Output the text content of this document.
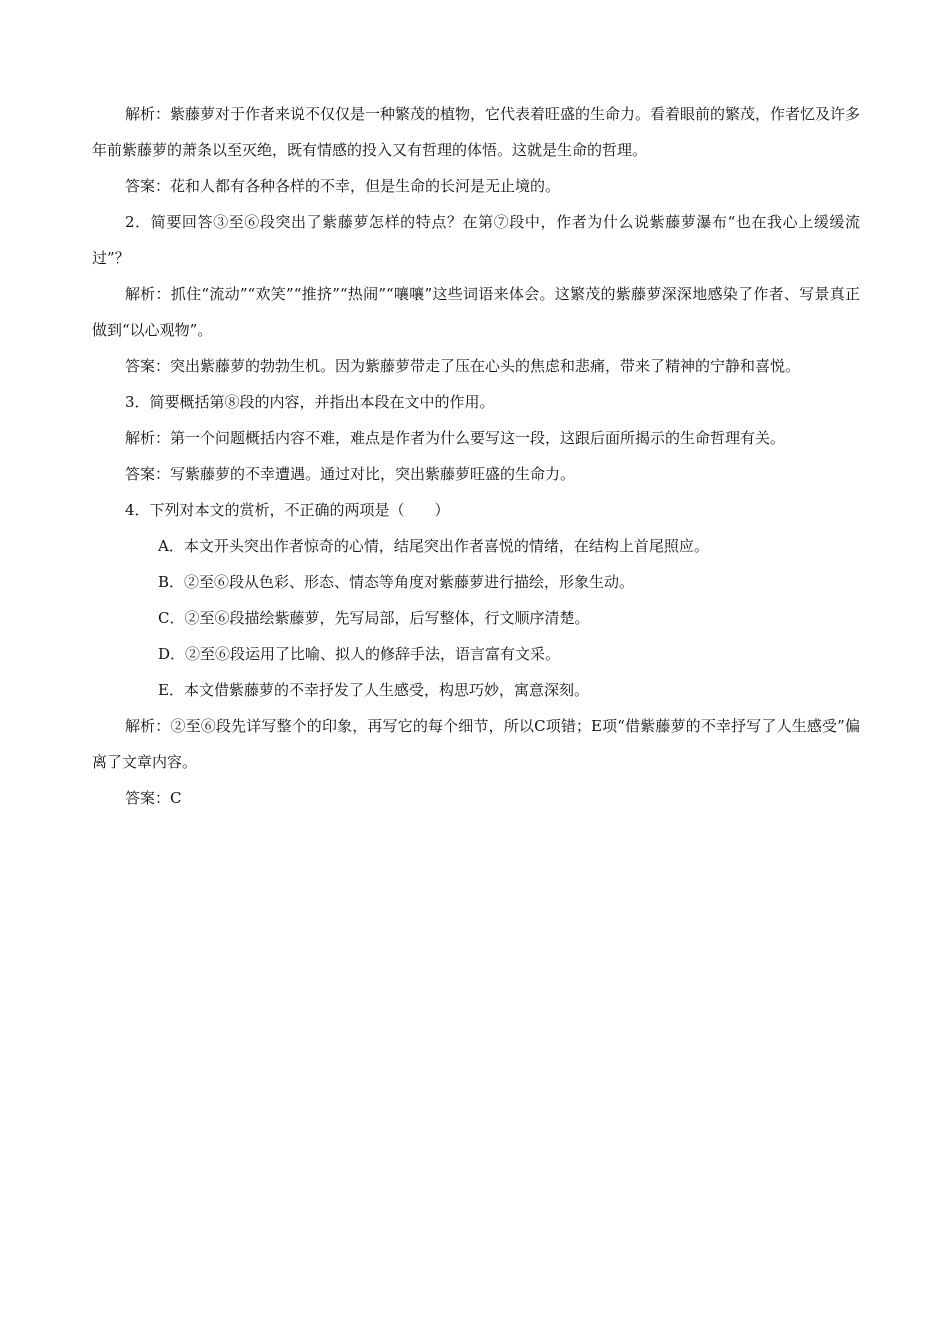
解析：紫藤萝对于作者来说不仅仅是一种繁茂的植物，它代表着旺盛的生命力。看着眼前的繁茂，作者忆及许多年前紫藤萝的萧条以至灭绝，既有情感的投入又有哲理的体悟。这就是生命的哲理。

答案：花和人都有各种各样的不幸，但是生命的长河是无止境的。

2．简要回答③至⑥段突出了紫藤萝怎样的特点？在第⑦段中，作者为什么说紫藤萝瀑布“也在我心上缓缓流过”？

解析：抓住“流动”“欢笑”“推挤”“热闹”“嚷嚷”这些词语来体会。这繁茂的紫藤萝深深地感染了作者、写景真正做到“以心观物”。

答案：突出紫藤萝的勃勃生机。因为紫藤萝带走了压在心头的焦虑和悲痛，带来了精神的宁静和喜悦。

3．简要概括第⑧段的内容，并指出本段在文中的作用。

解析：第一个问题概括内容不难，难点是作者为什么要写这一段，这跟后面所揭示的生命哲理有关。

答案：写紫藤萝的不幸遭遇。通过对比，突出紫藤萝旺盛的生命力。

4．下列对本文的赏析，不正确的两项是（　　）

A．本文开头突出作者惊奇的心情，结尾突出作者喜悦的情绪，在结构上首尾照应。

B．②至⑥段从色彩、形态、情态等角度对紫藤萝进行描绘，形象生动。

C．②至⑥段描绘紫藤萝，先写局部，后写整体，行文顺序清楚。

D．②至⑥段运用了比喻、拟人的修辞手法，语言富有文采。

E．本文借紫藤萝的不幸抒发了人生感受，构思巧妙，寓意深刻。

解析：②至⑥段先详写整个的印象，再写它的每个细节，所以C项错；E项“借紫藤萝的不幸抒写了人生感受”偏离了文章内容。

答案：C
